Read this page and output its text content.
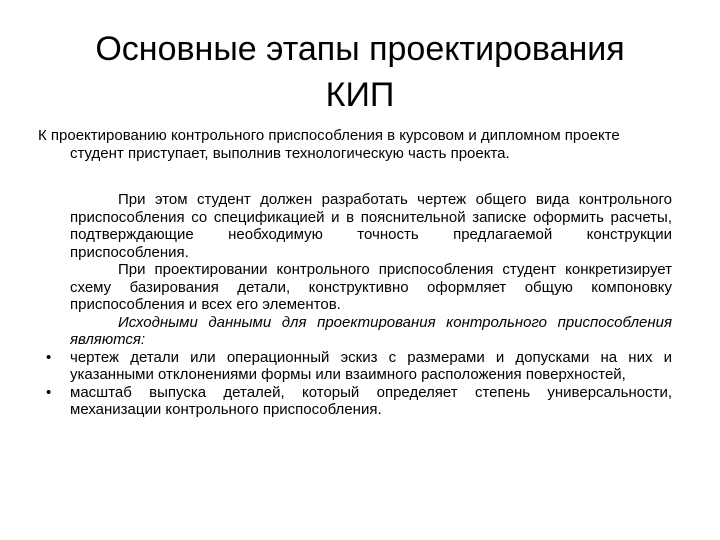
Основные этапы проектирования
КИП

К проектированию контрольного приспособления в курсовом и дипломном проекте студент приступает, выполнив технологическую часть проекта.

При этом студент должен разработать чертеж общего вида контрольного приспособления со спецификацией и в пояснительной записке оформить расчеты, подтверждающие необходимую точность предлагаемой конструкции приспособления.

При проектировании контрольного приспособления студент конкретизирует схему базирования детали, конструктивно оформляет общую компоновку приспособления и всех его элементов.

Исходными данными для проектирования контрольного приспособления являются:

• чертеж детали или операционный эскиз с размерами и допусками на них и указанными отклонениями формы или взаимного расположения поверхностей,
• масштаб выпуска деталей, который определяет степень универсальности, механизации контрольного приспособления.
